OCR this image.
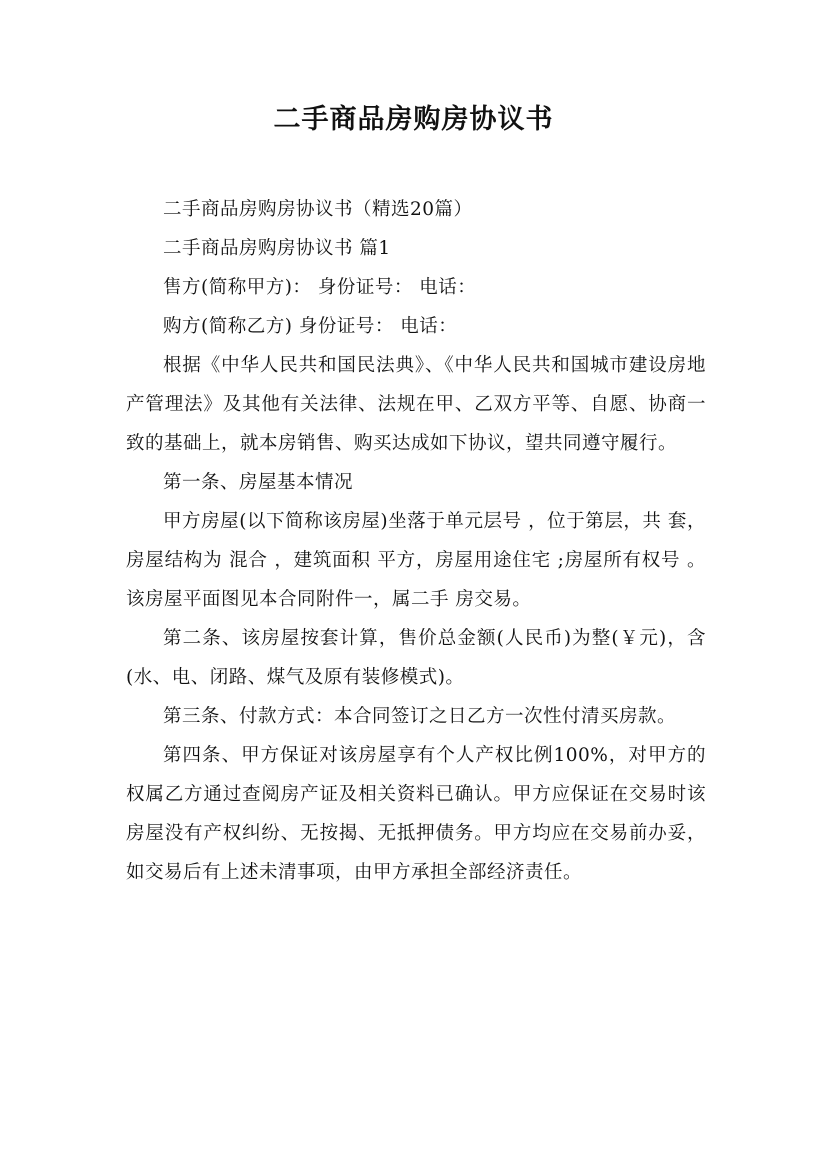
二手商品房购房协议书

二手商品房购房协议书（精选20篇）

二手商品房购房协议书 篇1

售方(简称甲方)： 身份证号： 电话：

购方(简称乙方) 身份证号： 电话：

根据《中华人民共和国民法典》、《中华人民共和国城市建设房地产管理法》及其他有关法律、法规在甲、乙双方平等、自愿、协商一致的基础上，就本房销售、购买达成如下协议，望共同遵守履行。

第一条、房屋基本情况

甲方房屋(以下简称该房屋)坐落于单元层号 ，位于第层，共 套，房屋结构为 混合 ，建筑面积 平方，房屋用途住宅 ;房屋所有权号 。该房屋平面图见本合同附件一，属二手 房交易。

第二条、该房屋按套计算，售价总金额(人民币)为整(￥元)，含(水、电、闭路、煤气及原有装修模式)。

第三条、付款方式：本合同签订之日乙方一次性付清买房款。

第四条、甲方保证对该房屋享有个人产权比例100%，对甲方的权属乙方通过查阅房产证及相关资料已确认。甲方应保证在交易时该房屋没有产权纠纷、无按揭、无抵押债务。甲方均应在交易前办妥，如交易后有上述未清事项，由甲方承担全部经济责任。
